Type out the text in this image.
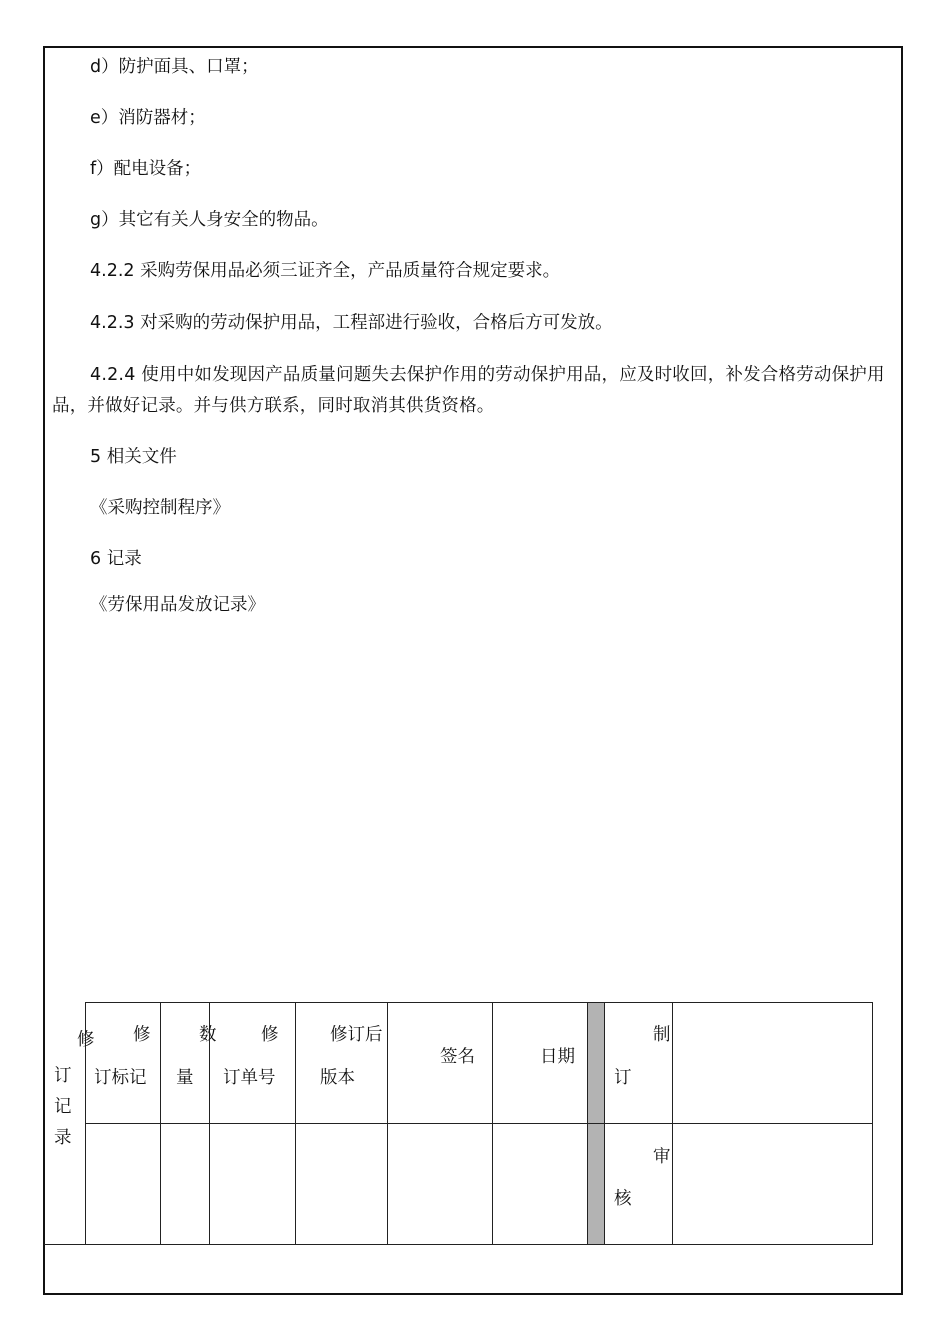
d）防护面具、口罩；
e）消防器材；
f）配电设备；
g）其它有关人身安全的物品。
4.2.2 采购劳保用品必须三证齐全，产品质量符合规定要求。
4.2.3 对采购的劳动保护用品，工程部进行验收，合格后方可发放。
4.2.4 使用中如发现因产品质量问题失去保护作用的劳动保护用品，应及时收回，补发合格劳动保护用品，并做好记录。并与供方联系，同时取消其供货资格。
5 相关文件
《采购控制程序》
6 记录
《劳保用品发放记录》
修
订
记
录
修
订标记
数
量
修
订单号
修订后
版本
签名	日期
制
订
审
核
